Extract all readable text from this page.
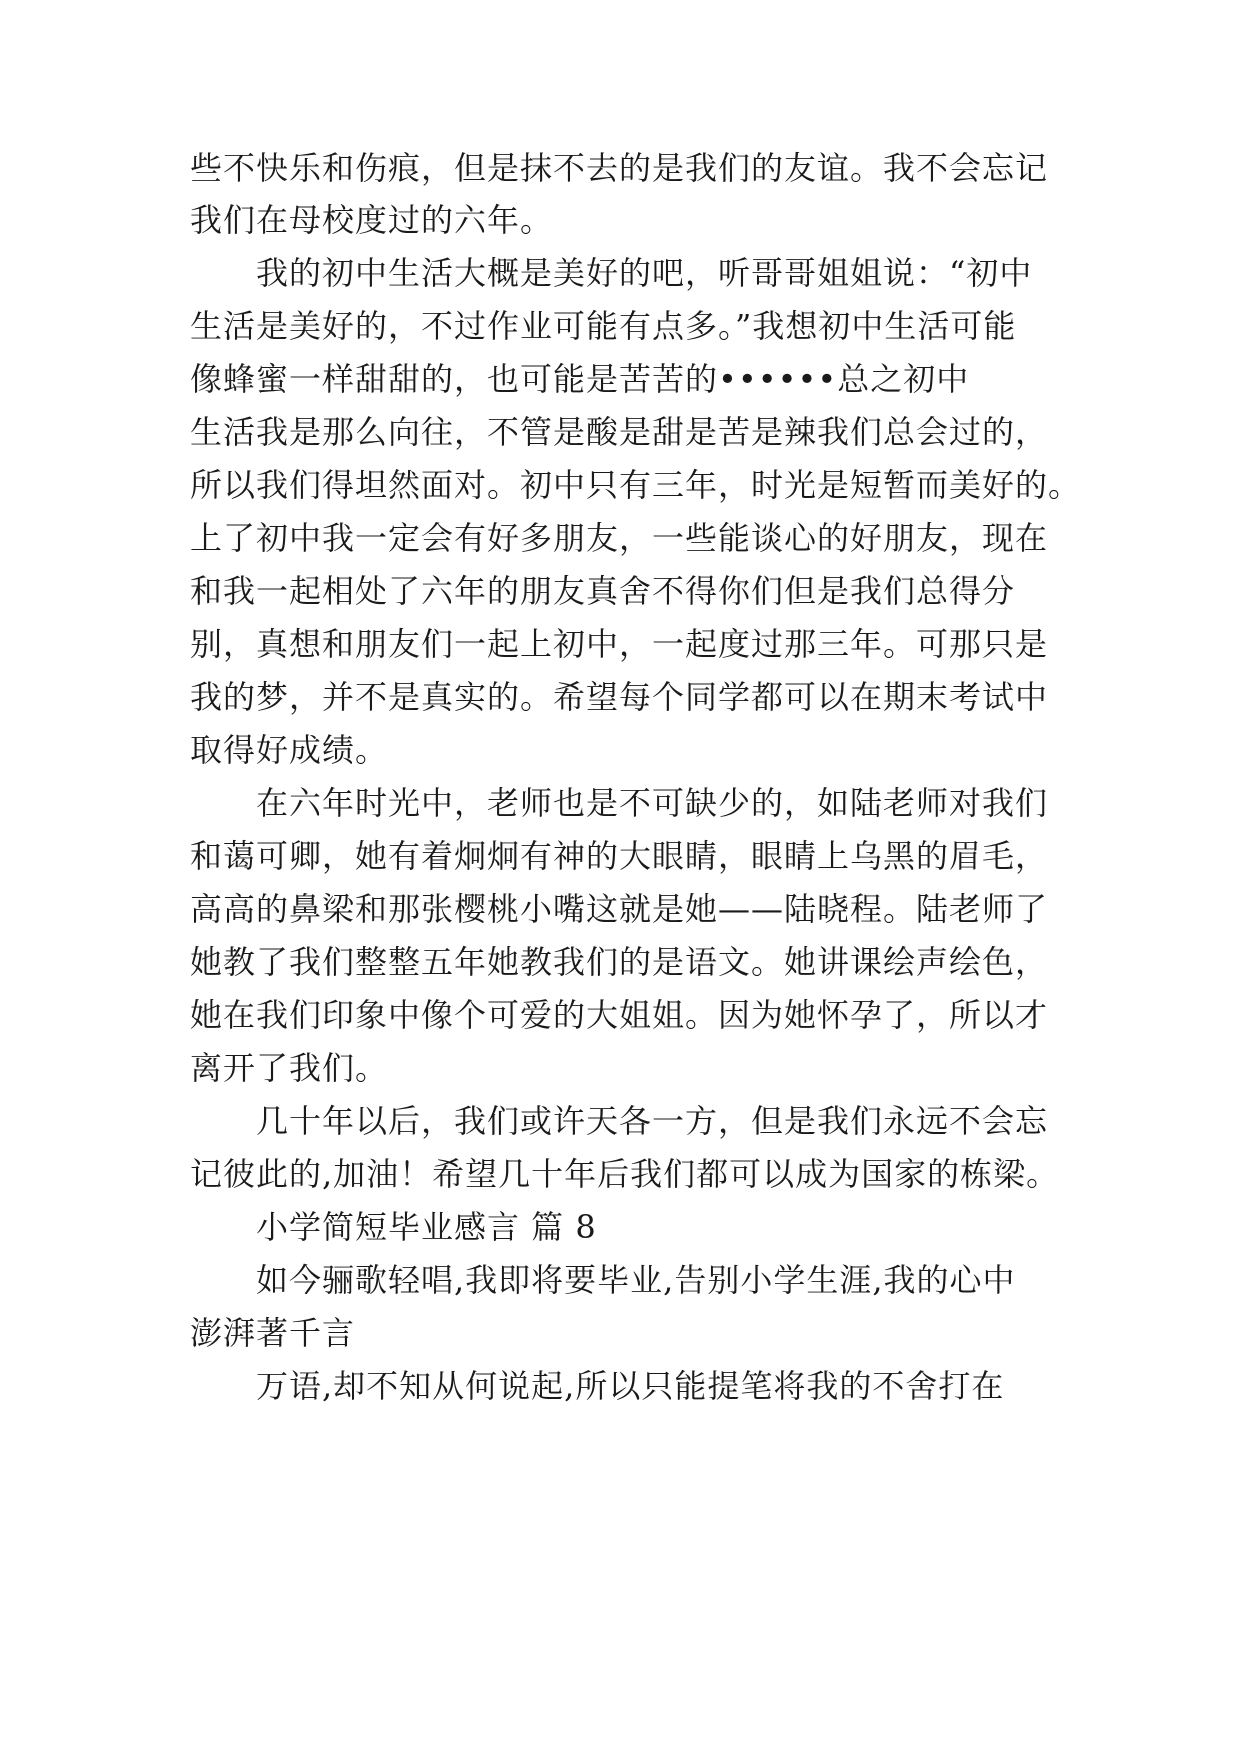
些不快乐和伤痕，但是抹不去的是我们的友谊。我不会忘记
我们在母校度过的六年。
我的初中生活大概是美好的吧，听哥哥姐姐说：“初中
生活是美好的，不过作业可能有点多。”我想初中生活可能
像蜂蜜一样甜甜的，也可能是苦苦的••••••总之初中
生活我是那么向往，不管是酸是甜是苦是辣我们总会过的，
所以我们得坦然面对。初中只有三年，时光是短暂而美好的。
上了初中我一定会有好多朋友，一些能谈心的好朋友，现在
和我一起相处了六年的朋友真舍不得你们但是我们总得分
别，真想和朋友们一起上初中，一起度过那三年。可那只是
我的梦，并不是真实的。希望每个同学都可以在期末考试中
取得好成绩。
在六年时光中，老师也是不可缺少的，如陆老师对我们
和蔼可卿，她有着炯炯有神的大眼睛，眼睛上乌黑的眉毛，
高高的鼻梁和那张樱桃小嘴这就是她——陆晓程。陆老师了
她教了我们整整五年她教我们的是语文。她讲课绘声绘色，
她在我们印象中像个可爱的大姐姐。因为她怀孕了，所以才
离开了我们。
几十年以后，我们或许天各一方，但是我们永远不会忘
记彼此的,加油！希望几十年后我们都可以成为国家的栋梁。
小学简短毕业感言 篇 8
如今骊歌轻唱,我即将要毕业,告别小学生涯,我的心中
澎湃著千言
万语,却不知从何说起,所以只能提笔将我的不舍打在
